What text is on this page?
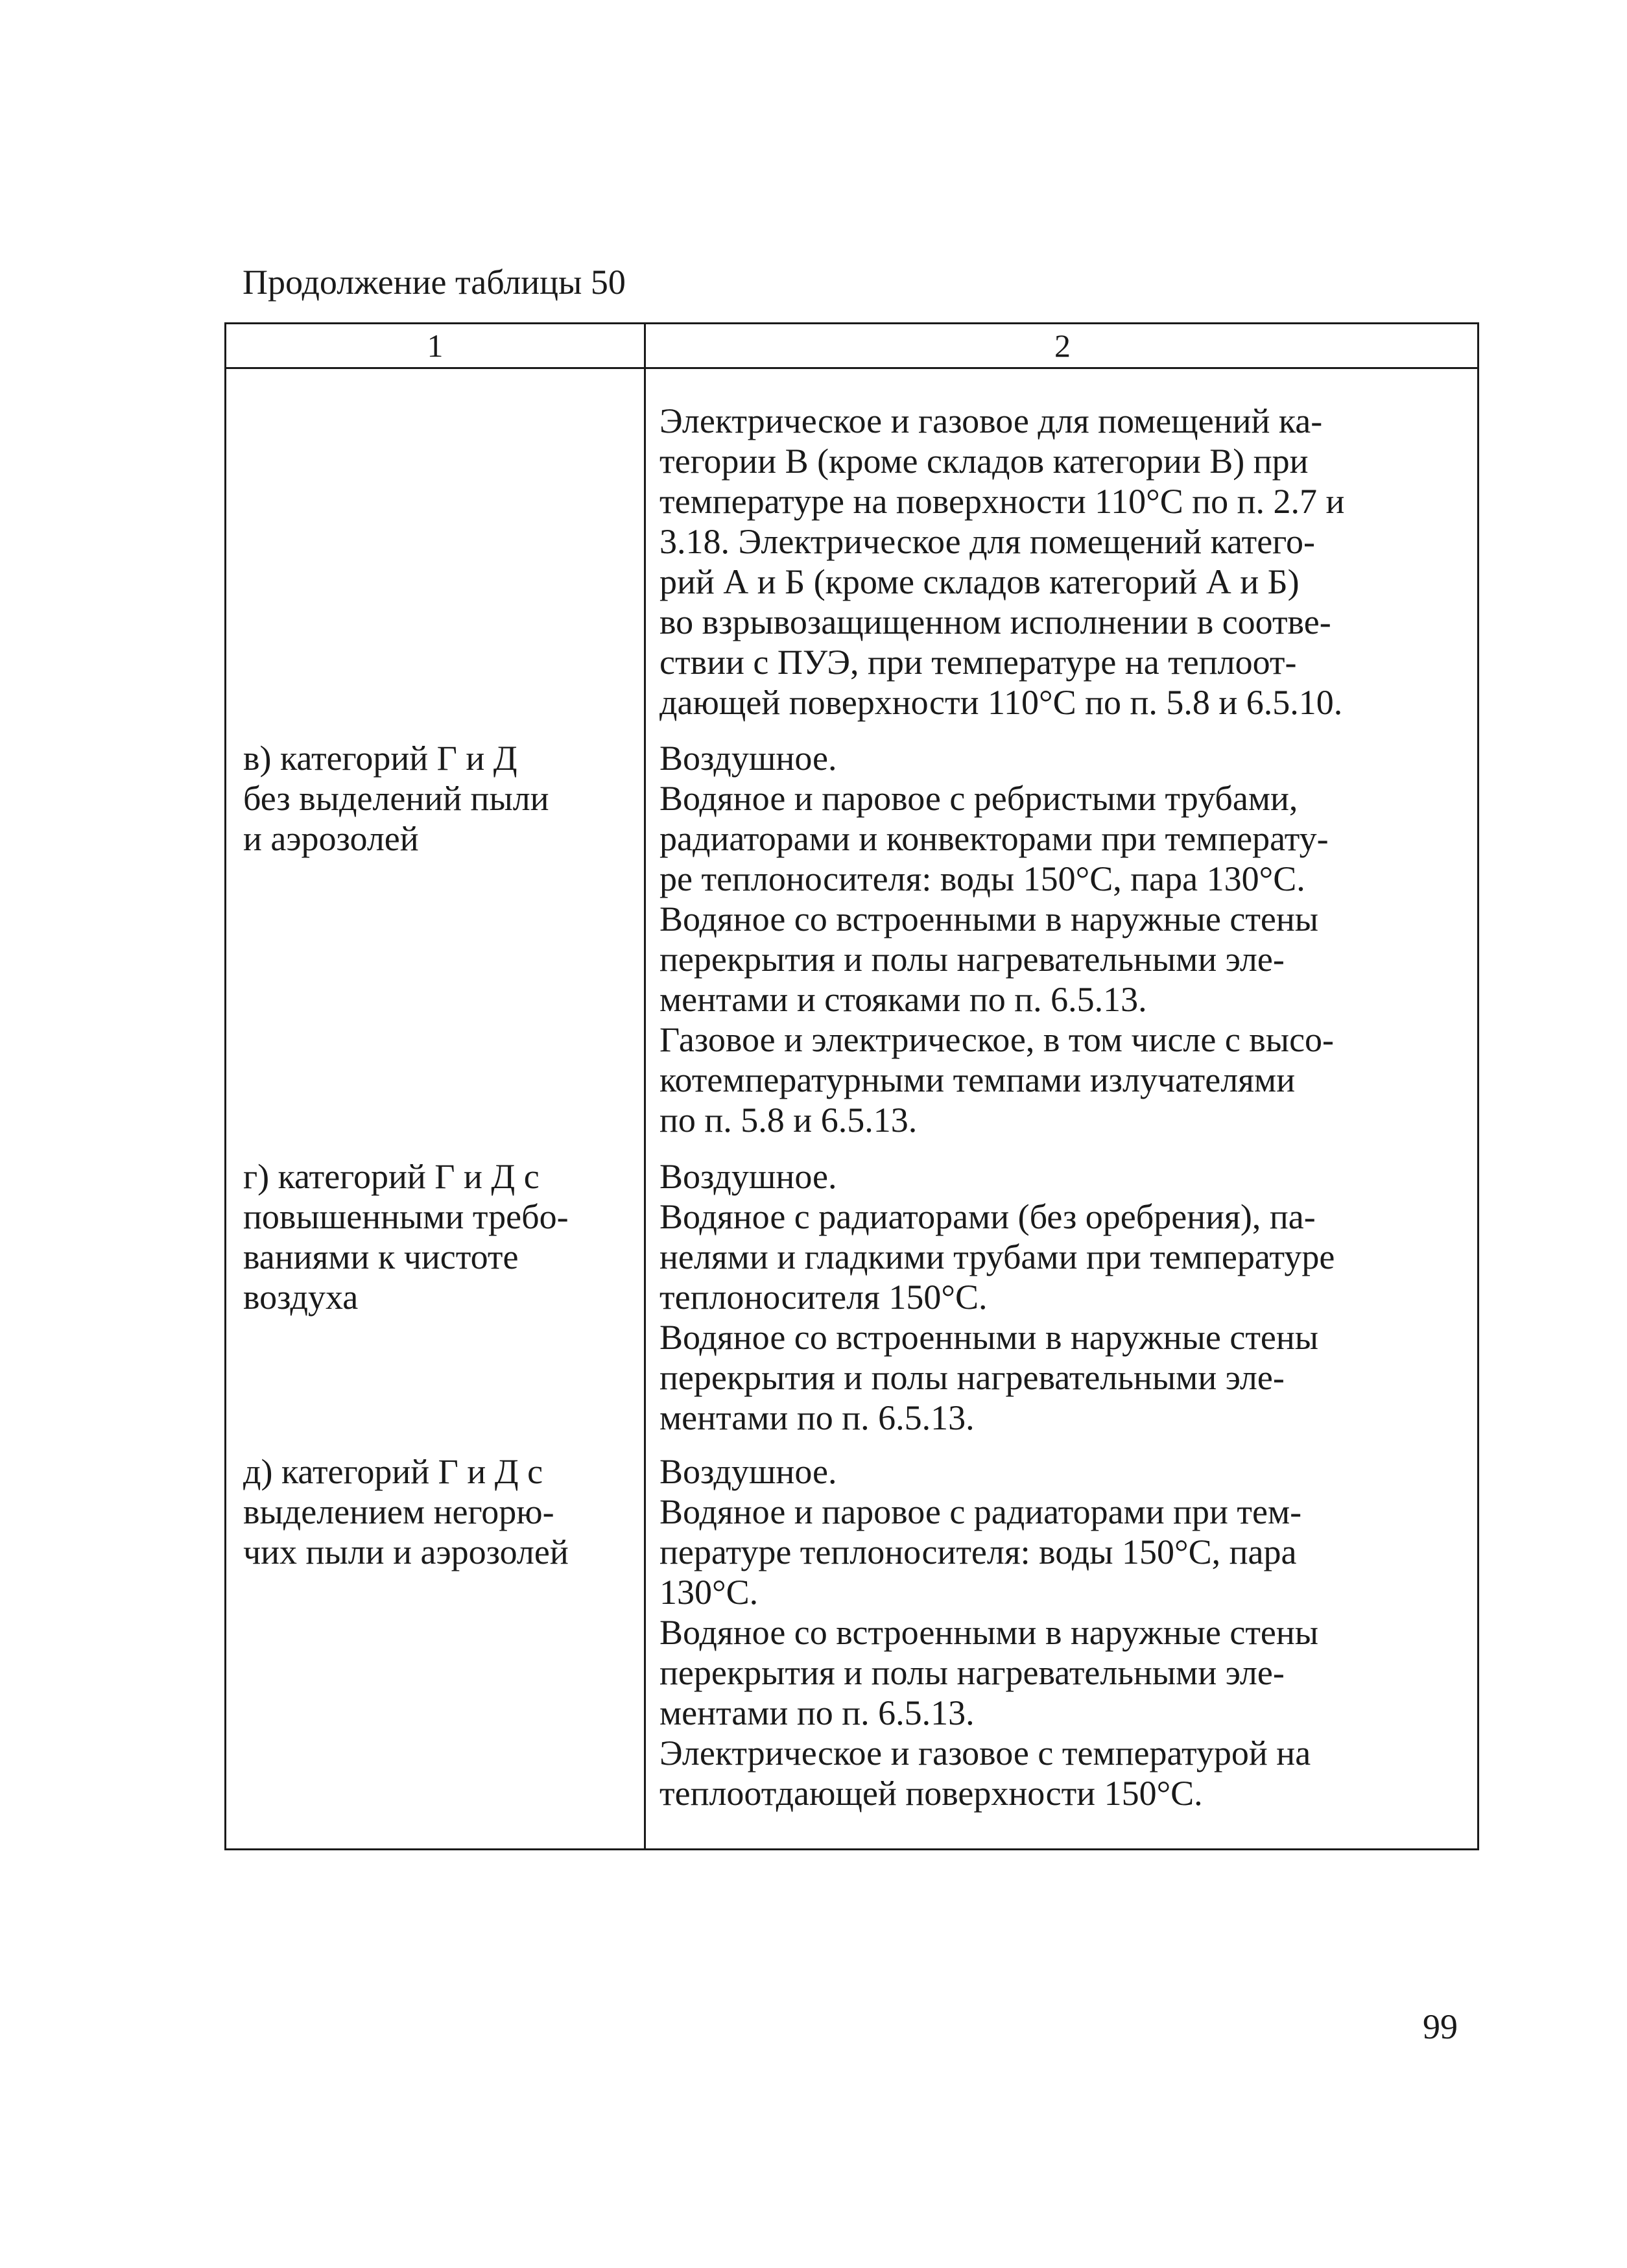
Продолжение таблицы 50
1	2
Электрическое и газовое для помещений ка-
тегории В (кроме складов категории В) при
температуре на поверхности 110°С по п. 2.7 и
3.18. Электрическое для помещений катего-
рий А и Б (кроме складов категорий А и Б)
во взрывозащищенном исполнении в соотве-
ствии с ПУЭ, при температуре на теплоот-
дающей поверхности 110°С по п. 5.8 и 6.5.10.
в) категорий Г и Д
без выделений пыли
и аэрозолей
Воздушное.
Водяное и паровое с ребристыми трубами,
радиаторами и конвекторами при температу-
ре теплоносителя: воды 150°С, пара 130°С.
Водяное со встроенными в наружные стены
перекрытия и полы нагревательными эле-
ментами и стояками по п. 6.5.13.
Газовое и электрическое, в том числе с высо-
котемпературными темпами излучателями
по п. 5.8 и 6.5.13.
г) категорий Г и Д с
повышенными требо-
ваниями к чистоте
воздуха
Воздушное.
Водяное с радиаторами (без оребрения), па-
нелями и гладкими трубами при температуре
теплоносителя 150°С.
Водяное со встроенными в наружные стены
перекрытия и полы нагревательными эле-
ментами по п. 6.5.13.
д) категорий Г и Д с
выделением негорю-
чих пыли и аэрозолей
Воздушное.
Водяное и паровое с радиаторами при тем-
пературе теплоносителя: воды 150°С, пара
130°С.
Водяное со встроенными в наружные стены
перекрытия и полы нагревательными эле-
ментами по п. 6.5.13.
Электрическое и газовое с температурой на
теплоотдающей поверхности 150°С.
99
